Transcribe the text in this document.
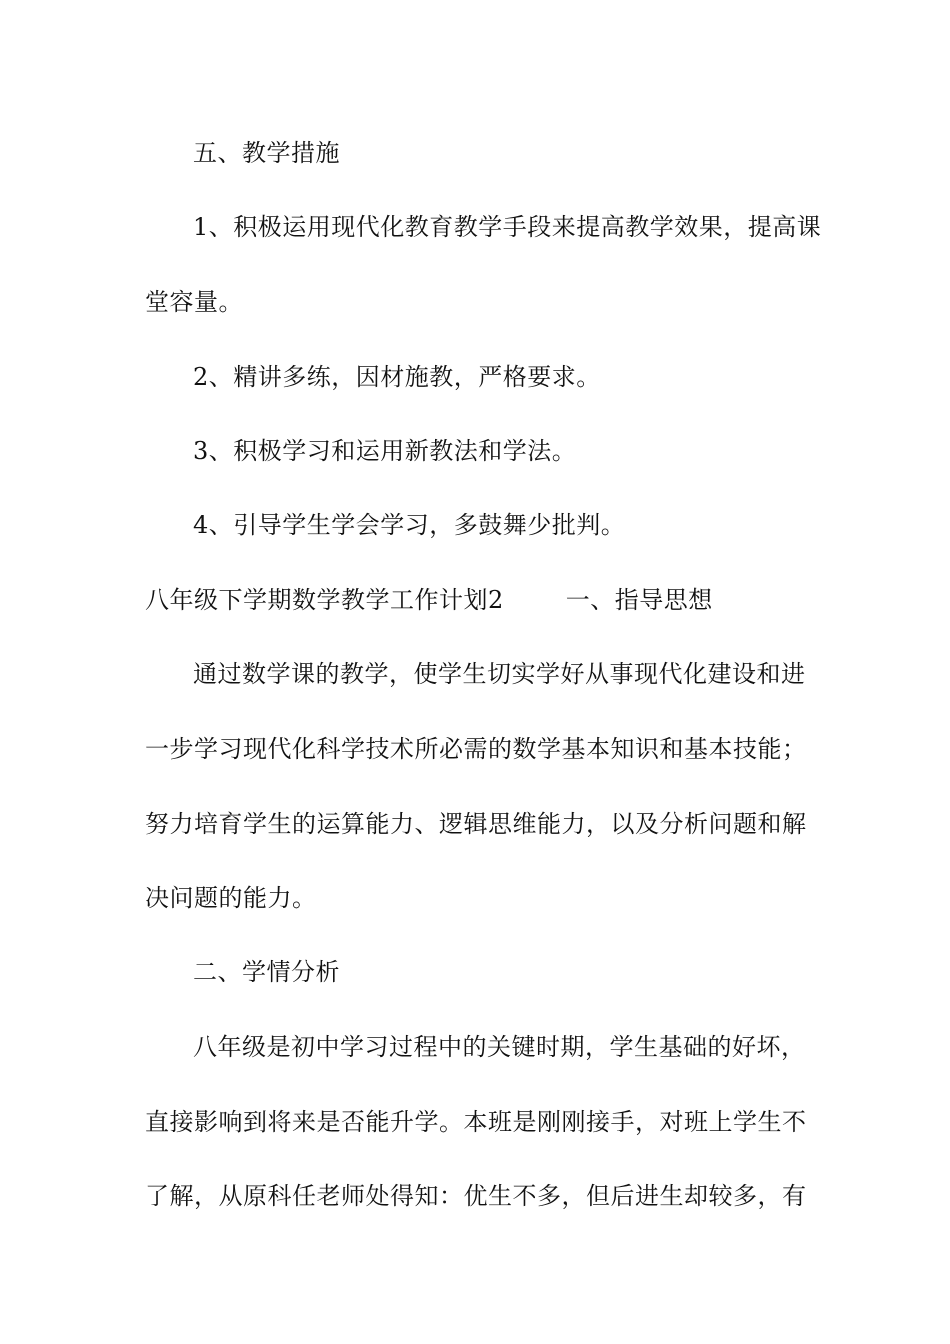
五、教学措施
1、积极运用现代化教育教学手段来提高教学效果，提高课
堂容量。
2、精讲多练，因材施教，严格要求。
3、积极学习和运用新教法和学法。
4、引导学生学会学习，多鼓舞少批判。
八年级下学期数学教学工作计划2	一、指导思想
通过数学课的教学，使学生切实学好从事现代化建设和进
一步学习现代化科学技术所必需的数学基本知识和基本技能；
努力培育学生的运算能力、逻辑思维能力，以及分析问题和解
决问题的能力。
二、学情分析
八年级是初中学习过程中的关键时期，学生基础的好坏，
直接影响到将来是否能升学。本班是刚刚接手，对班上学生不
了解，从原科任老师处得知：优生不多，但后进生却较多，有
